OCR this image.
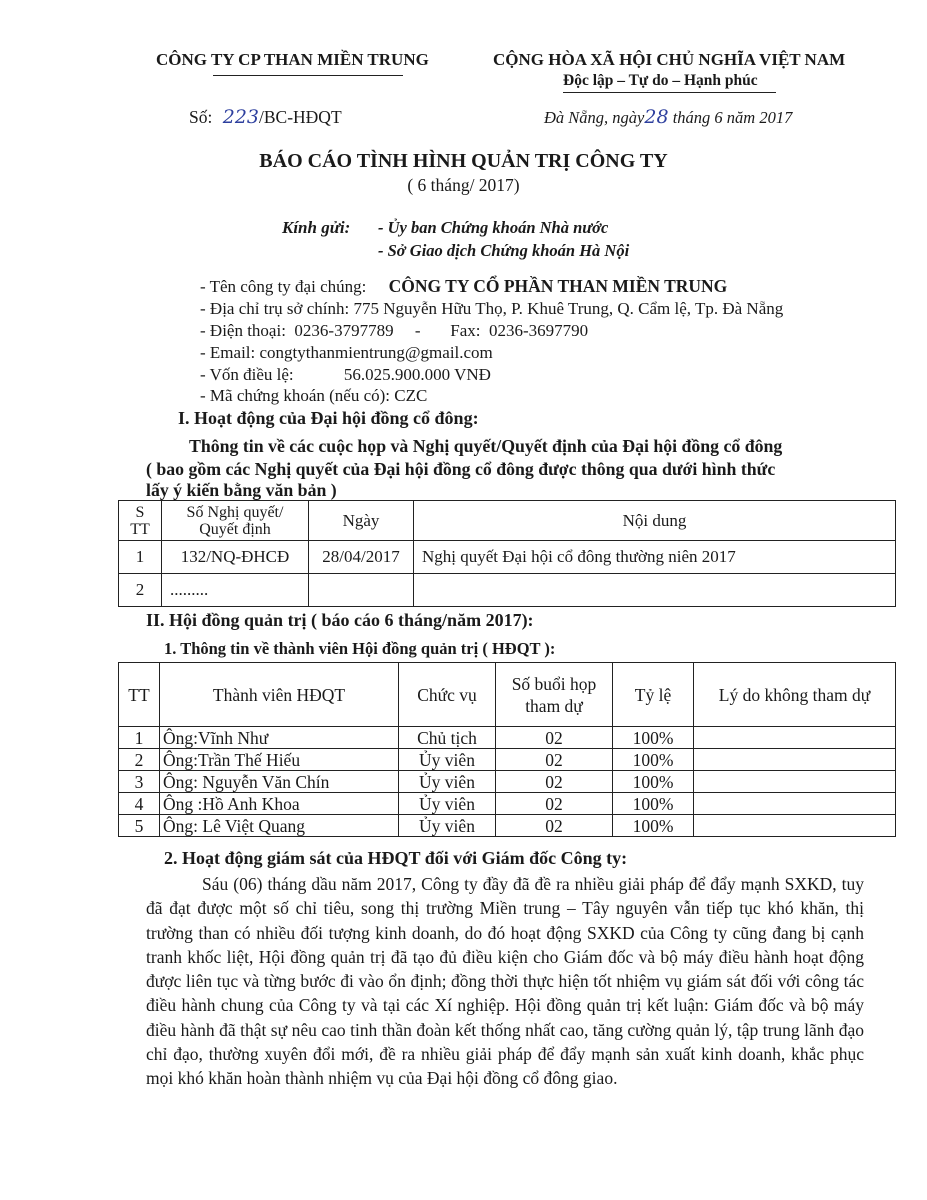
CÔNG TY CP THAN MIỀN TRUNG	CỘNG HÒA XÃ HỘI CHỦ NGHĨA VIỆT NAM
Độc lập – Tự do – Hạnh phúc
Số: 223/BC-HĐQT	Đà Nẵng, ngày28 tháng 6 năm 2017
BÁO CÁO TÌNH HÌNH QUẢN TRỊ CÔNG TY
( 6 tháng/ 2017)
Kính gửi: - Ủy ban Chứng khoán Nhà nước
- Sở Giao dịch Chứng khoán Hà Nội
- Tên công ty đại chúng: CÔNG TY CỔ PHẦN THAN MIỀN TRUNG
- Địa chỉ trụ sở chính: 775 Nguyễn Hữu Thọ, P. Khuê Trung, Q. Cẩm lệ, Tp. Đà Nẵng
- Điện thoại:  0236-3797789     -       Fax:  0236-3697790
- Email: congtythanmientrung@gmail.com
- Vốn điều lệ:	56.025.900.000 VNĐ
- Mã chứng khoán (nếu có): CZC
I. Hoạt động của Đại hội đồng cổ đông:
Thông tin về các cuộc họp và Nghị quyết/Quyết định của Đại hội đồng cổ đông
( bao gồm các Nghị quyết của Đại hội đồng cổ đông được thông qua dưới hình thức
lấy ý kiến bằng văn bản )
S
TT	Số Nghị quyết/
Quyết định	Ngày	Nội dung
1	132/NQ-ĐHCĐ	28/04/2017	Nghị quyết Đại hội cổ đông thường niên 2017
2	.........		
II. Hội đồng quản trị ( báo cáo 6 tháng/năm 2017):
1. Thông tin về thành viên Hội đồng quản trị ( HĐQT ):
TT	Thành viên HĐQT	Chức vụ	Số buổi họp
tham dự	Tỷ lệ	Lý do không tham dự
1	Ông:Vĩnh Như	Chủ tịch	02	100%	
2	Ông:Trần Thế Hiếu	Ủy viên	02	100%	
3	Ông: Nguyễn Văn Chín	Ủy viên	02	100%	
4	Ông :Hồ Anh Khoa	Ủy viên	02	100%	
5	Ông: Lê Việt Quang	Ủy viên	02	100%	
2. Hoạt động giám sát của HĐQT đối với Giám đốc Công ty:
Sáu (06) tháng dầu năm 2017, Công ty đầy đã đề ra nhiều giải pháp để đẩy mạnh SXKD, tuy đã đạt được một số chỉ tiêu, song thị trường Miền trung – Tây nguyên vẫn tiếp tục khó khăn, thị trường than có nhiều đối tượng kinh doanh, do đó hoạt động SXKD của Công ty cũng đang bị cạnh tranh khốc liệt, Hội đồng quản trị đã tạo đủ điều kiện cho Giám đốc và bộ máy điều hành hoạt động được liên tục và từng bước đi vào ổn định; đồng thời thực hiện tốt nhiệm vụ giám sát đối với công tác điều hành chung của Công ty và tại các Xí nghiệp. Hội đồng quản trị kết luận: Giám đốc và bộ máy điều hành đã thật sự nêu cao tinh thần đoàn kết thống nhất cao, tăng cường quản lý, tập trung lãnh đạo chỉ đạo, thường xuyên đổi mới, đề ra nhiều giải pháp để đẩy mạnh sản xuất kinh doanh, khắc phục mọi khó khăn hoàn thành nhiệm vụ của Đại hội đồng cổ đông giao.
